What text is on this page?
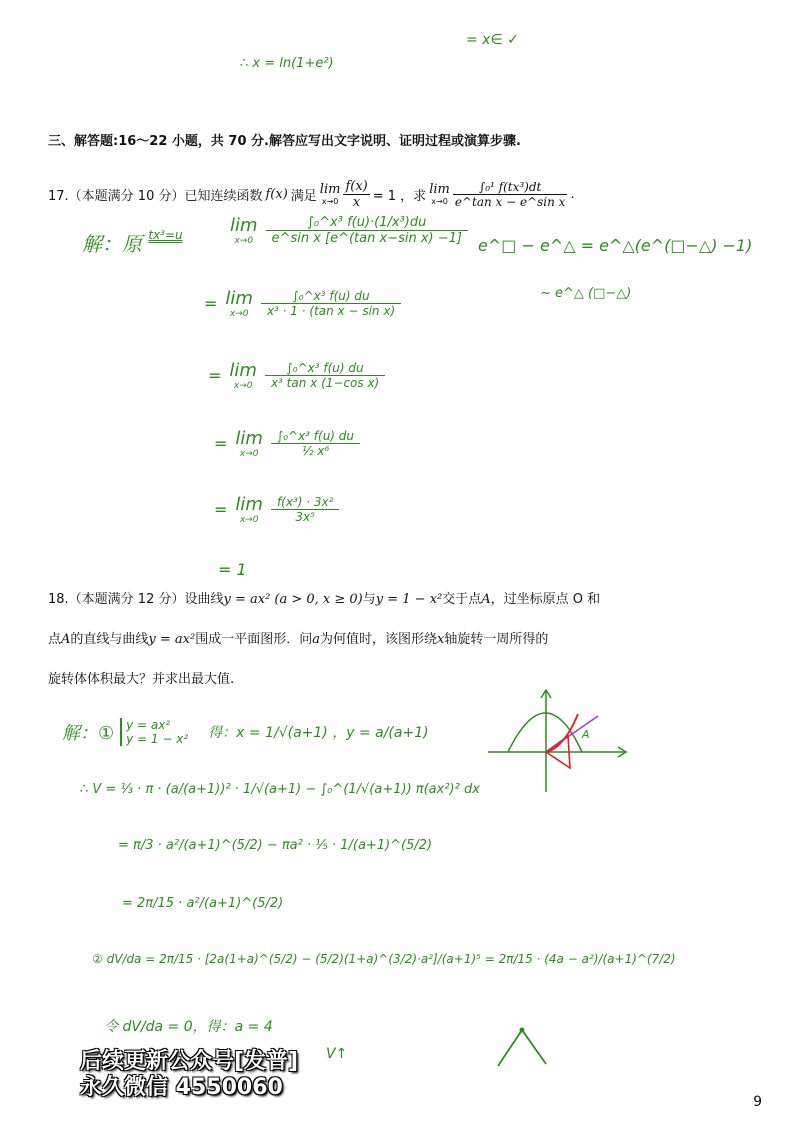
= x∈ ✓
∴ x = ln(1+e²)
三、解答题:16～22 小题，共 70 分.解答应写出文字说明、证明过程或演算步骤.
17.（本题满分 10 分）已知连续函数 f(x) 满足 lim
$x\to 0 \frac{f(x)}{x} = 1$ ，求 lim
$x\to 0 \frac{\text{∫₀¹ f(tx³)dt}}{\text{e\textasciicircum{}tan x − e\textasciicircum{}sin x}}$ .
解：原 $^{tx^3=u}$	lim
$x\to 0 \frac{\text{∫₀\textasciicircum{}x³ f(u)·(1/x³)du}}{\text{e\textasciicircum{}sin x [e\textasciicircum{}(tan x−sin x) −1]}}$ e^□ − e^△ = e^△(e^(□−△) −1)
~ e^△ (□−△)
= lim
$x\to 0 \frac{\text{∫₀\textasciicircum{}x³ f(u) du}}{\text{x³ · 1 · (tan x − sin x)}}$
= lim
$x\to 0 \frac{\text{∫₀\textasciicircum{}x³ f(u) du}}{\text{x³ tan x (1−cos x)}}$
= lim
$x\to 0 \frac{\text{∫₀\textasciicircum{}x³ f(u) du}}{\text{½ x⁶}}$
= lim
$x\to 0 \frac{\text{f(x³) · 3x²}}{\text{3x⁵}}$
= 1
18.（本题满分 12 分）设曲线y = ax² (a > 0, x ≥ 0)与y = 1 − x²交于点A，过坐标原点 O 和
点A的直线与曲线y = ax²围成一平面图形．问a为何值时，该图形绕x轴旋转一周所得的
旋转体体积最大？并求出最大值.
解：① y = ax²
y = 1 − x² 得：x = 1/√(a+1) ，y = a/(a+1)
∴ V = ⅓ · π · (a/(a+1))² · 1/√(a+1) − ∫₀^(1/√(a+1)) π(ax²)² dx
= π/3 · a²/(a+1)^(5/2) − πa² · ⅕ · 1/(a+1)^(5/2)
= 2π/15 · a²/(a+1)^(5/2)
② dV/da = 2π/15 · [2a(1+a)^(5/2) − (5/2)(1+a)^(3/2)·a²]/(a+1)⁵ = 2π/15 · (4a − a²)/(a+1)^(7/2)
令 dV/da = 0，得：a = 4
V↑
A
后续更新公众号[发普]
永久微信 4550060
9
